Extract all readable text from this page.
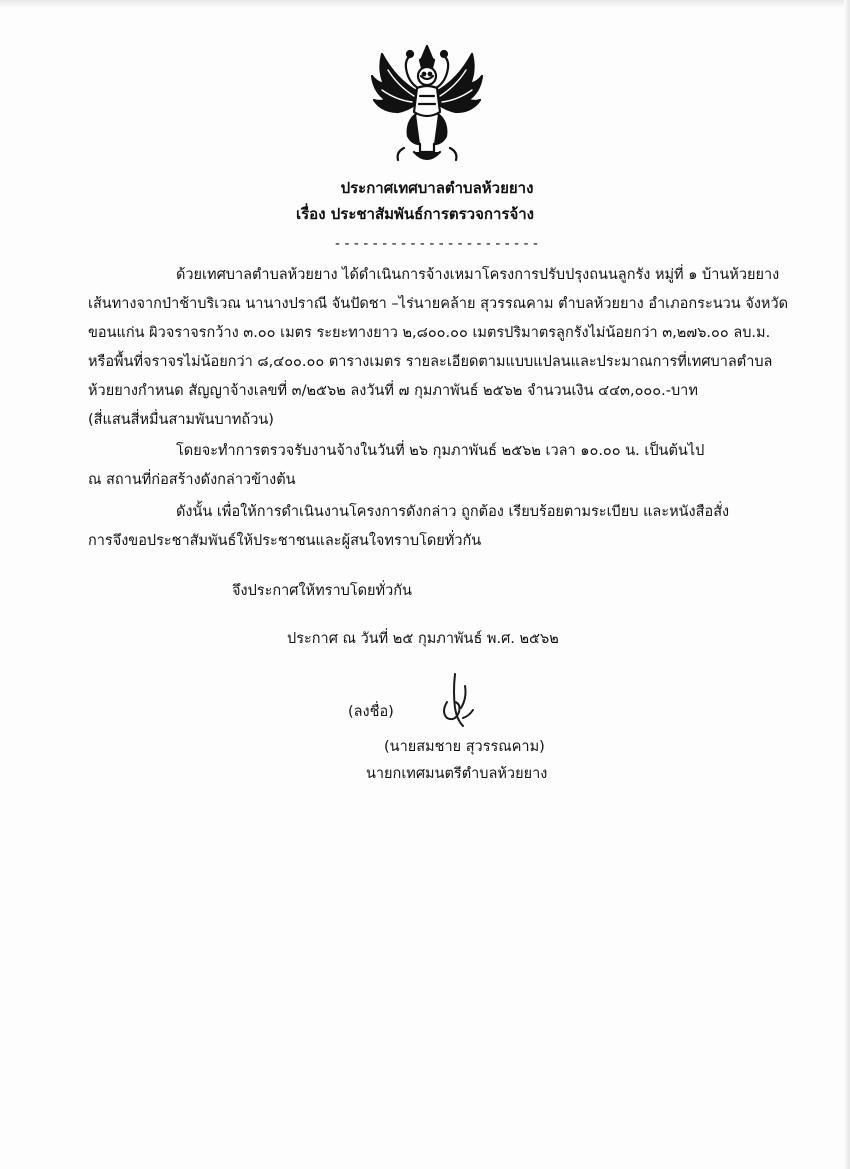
ประกาศเทศบาลตำบลห้วยยาง
เรื่อง ประชาสัมพันธ์การตรวจการจ้าง
----------------------
ด้วยเทศบาลตำบลห้วยยาง ได้ดำเนินการจ้างเหมาโครงการปรับปรุงถนนลูกรัง หมู่ที่ ๑ บ้านห้วยยาง
เส้นทางจากป่าช้าบริเวณ นานางปราณี จันปัดชา –ไร่นายคล้าย สุวรรณคาม ตำบลห้วยยาง อำเภอกระนวน จังหวัด
ขอนแก่น ผิวจราจรกว้าง ๓.๐๐ เมตร ระยะทางยาว ๒,๘๐๐.๐๐ เมตรปริมาตรลูกรังไม่น้อยกว่า ๓,๒๗๖.๐๐ ลบ.ม.
หรือพื้นที่จราจรไม่น้อยกว่า ๘,๔๐๐.๐๐ ตารางเมตร รายละเอียดตามแบบแปลนและประมาณการที่เทศบาลตำบล
ห้วยยางกำหนด สัญญาจ้างเลขที่ ๓/๒๕๖๒ ลงวันที่ ๗ กุมภาพันธ์ ๒๕๖๒ จำนวนเงิน ๔๔๓,๐๐๐.-บาท
(สี่แสนสี่หมื่นสามพันบาทถ้วน)
โดยจะทำการตรวจรับงานจ้างในวันที่ ๒๖ กุมภาพันธ์ ๒๕๖๒ เวลา ๑๐.๐๐ น. เป็นต้นไป
ณ สถานที่ก่อสร้างดังกล่าวข้างต้น
ดังนั้น เพื่อให้การดำเนินงานโครงการดังกล่าว ถูกต้อง เรียบร้อยตามระเบียบ และหนังสือสั่ง
การจึงขอประชาสัมพันธ์ให้ประชาชนและผู้สนใจทราบโดยทั่วกัน
จึงประกาศให้ทราบโดยทั่วกัน
ประกาศ ณ วันที่ ๒๕ กุมภาพันธ์ พ.ศ. ๒๕๖๒
(ลงชื่อ)
(นายสมชาย สุวรรณคาม)
นายกเทศมนตรีตำบลห้วยยาง
